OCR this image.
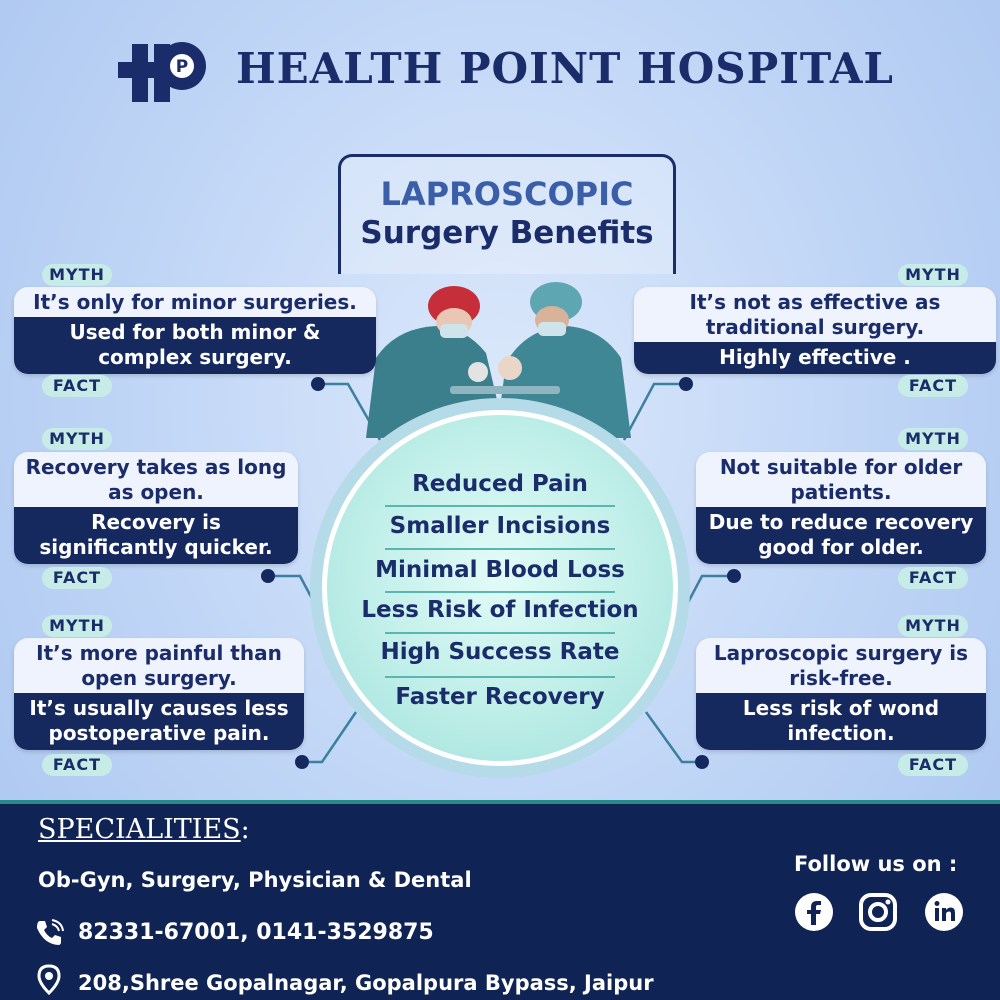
P HEALTH POINT HOSPITAL
LAPROSCOPIC
Surgery Benefits
Reduced Pain
Smaller Incisions
Minimal Blood Loss
Less Risk of Infection
High Success Rate
Faster Recovery
MYTH
It’s only for minor surgeries.
Used for both minor & complex surgery.
FACT
MYTH
Recovery takes as long as open.
Recovery is significantly quicker.
FACT
MYTH
It’s more painful than open surgery.
It’s usually causes less postoperative pain.
FACT
MYTH
It’s not as effective as traditional surgery.
Highly effective .
FACT
MYTH
Not suitable for older patients.
Due to reduce recovery good for older.
FACT
MYTH
Laproscopic surgery is risk-free.
Less risk of wond infection.
FACT
SPECIALITIES:
Ob-Gyn, Surgery, Physician & Dental
82331-67001, 0141-3529875
208,Shree Gopalnagar, Gopalpura Bypass, Jaipur
Follow us on :
